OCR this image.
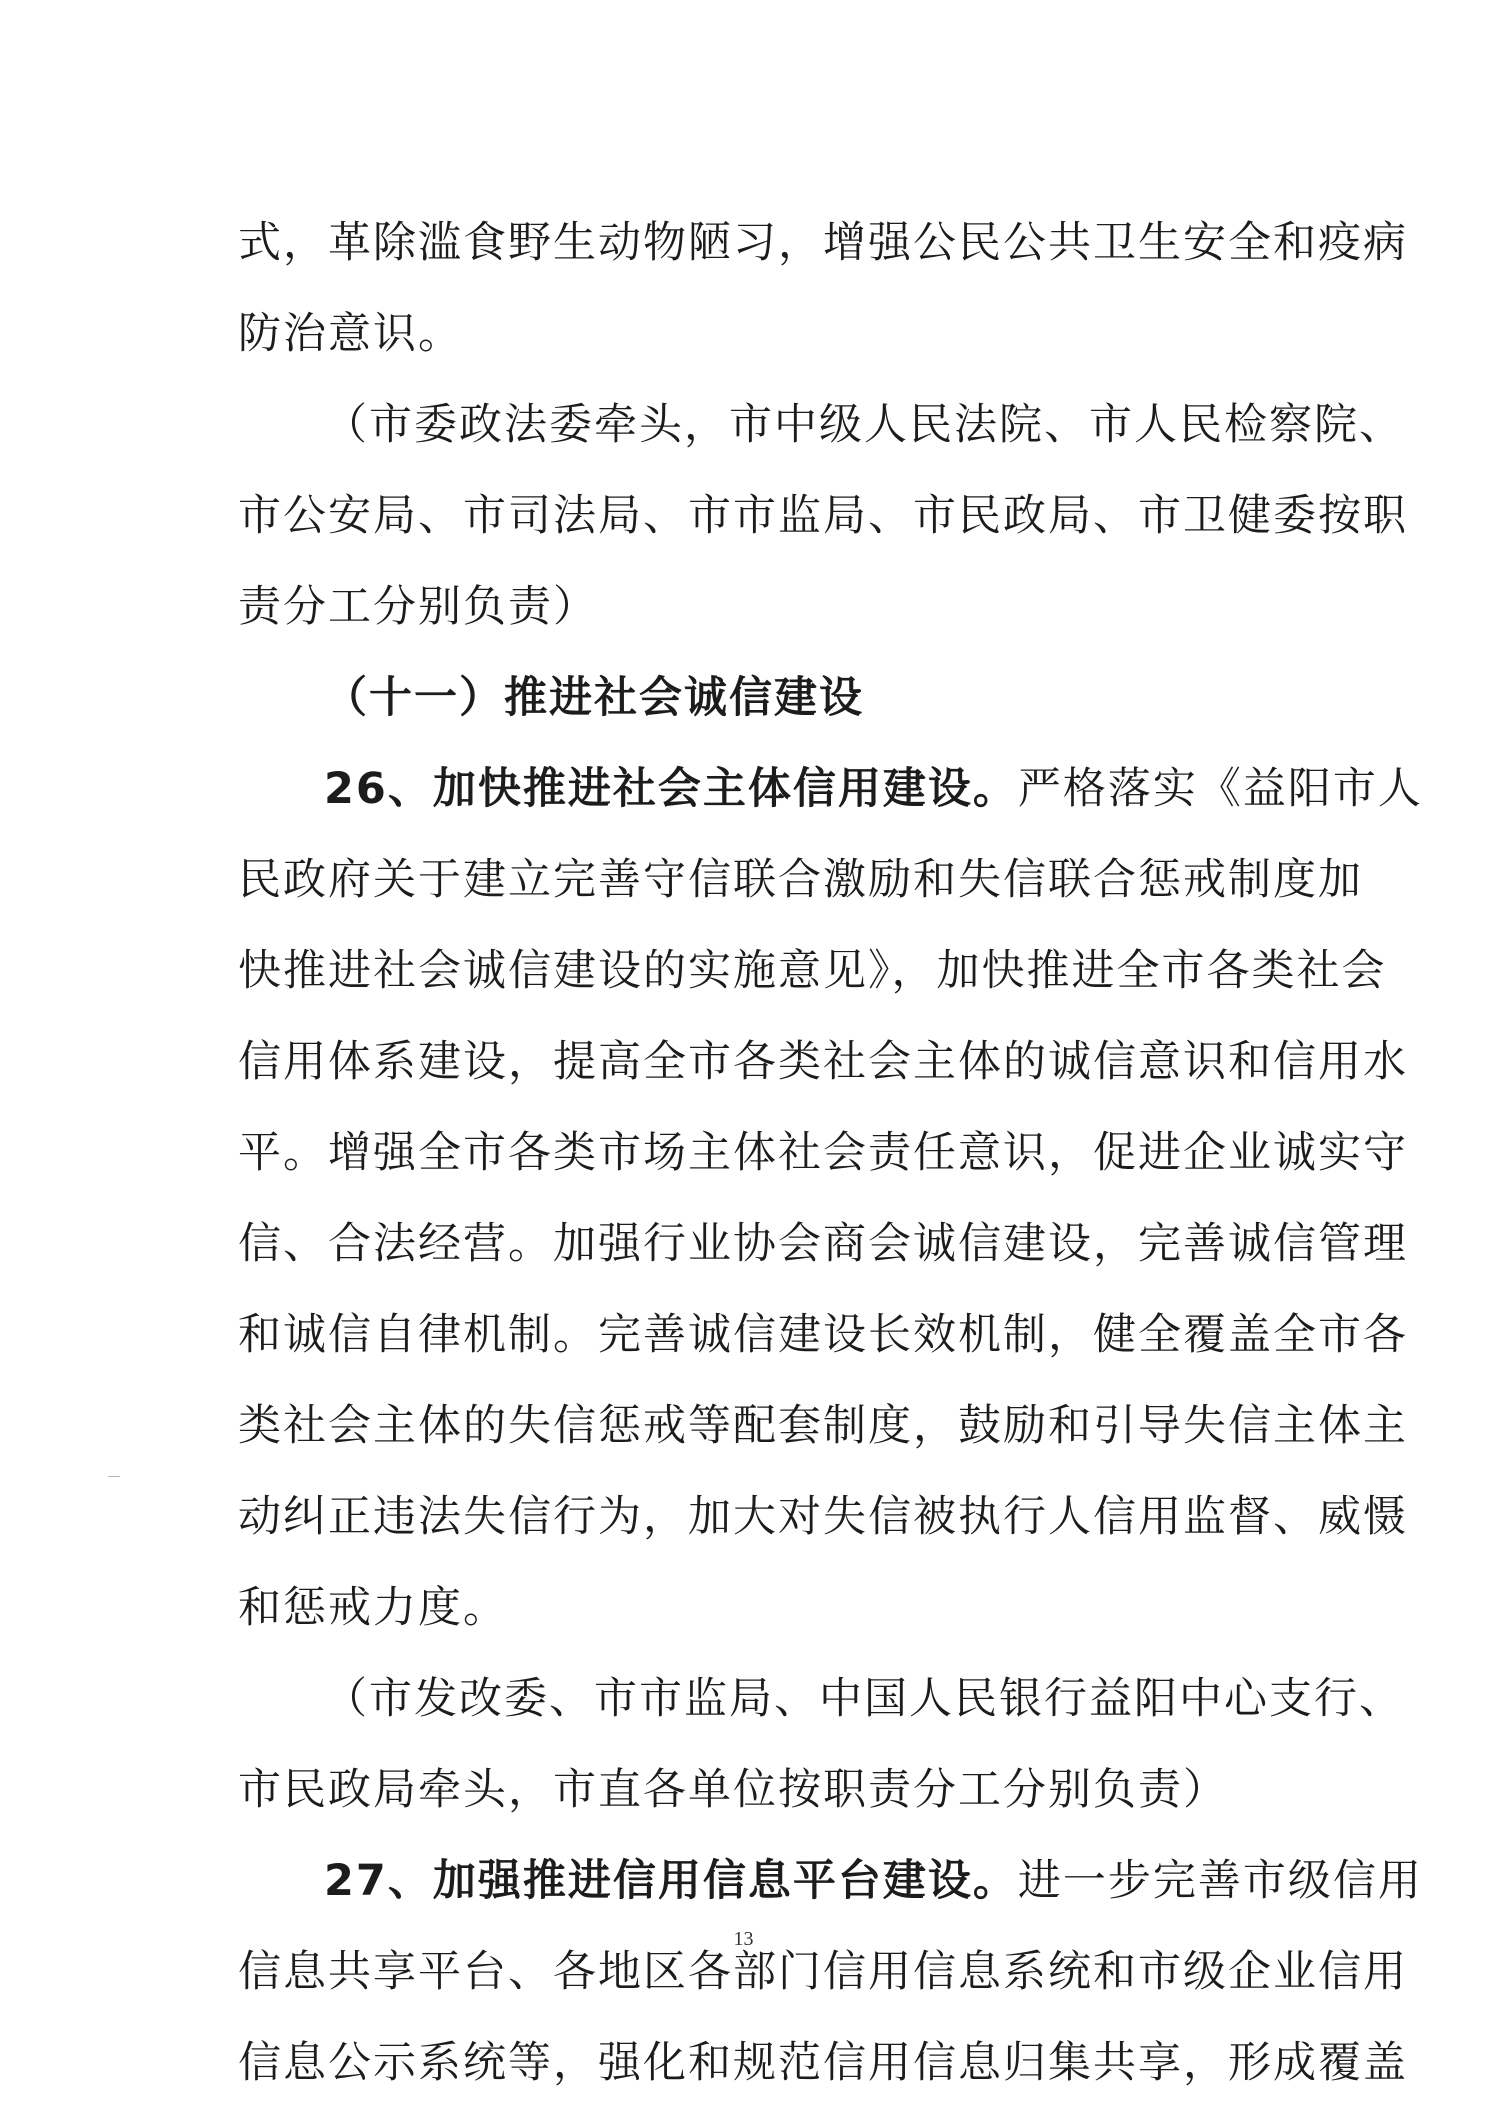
式，革除滥食野生动物陋习，增强公民公共卫生安全和疫病
防治意识。
（市委政法委牵头，市中级人民法院、市人民检察院、
市公安局、市司法局、市市监局、市民政局、市卫健委按职
责分工分别负责）
（十一）推进社会诚信建设
26、加快推进社会主体信用建设。严格落实《益阳市人
民政府关于建立完善守信联合激励和失信联合惩戒制度加
快推进社会诚信建设的实施意见》，加快推进全市各类社会
信用体系建设，提高全市各类社会主体的诚信意识和信用水
平。增强全市各类市场主体社会责任意识，促进企业诚实守
信、合法经营。加强行业协会商会诚信建设，完善诚信管理
和诚信自律机制。完善诚信建设长效机制，健全覆盖全市各
类社会主体的失信惩戒等配套制度，鼓励和引导失信主体主
动纠正违法失信行为，加大对失信被执行人信用监督、威慑
和惩戒力度。
（市发改委、市市监局、中国人民银行益阳中心支行、
市民政局牵头，市直各单位按职责分工分别负责）
27、加强推进信用信息平台建设。进一步完善市级信用
信息共享平台、各地区各部门信用信息系统和市级企业信用
信息公示系统等，强化和规范信用信息归集共享，形成覆盖
13
